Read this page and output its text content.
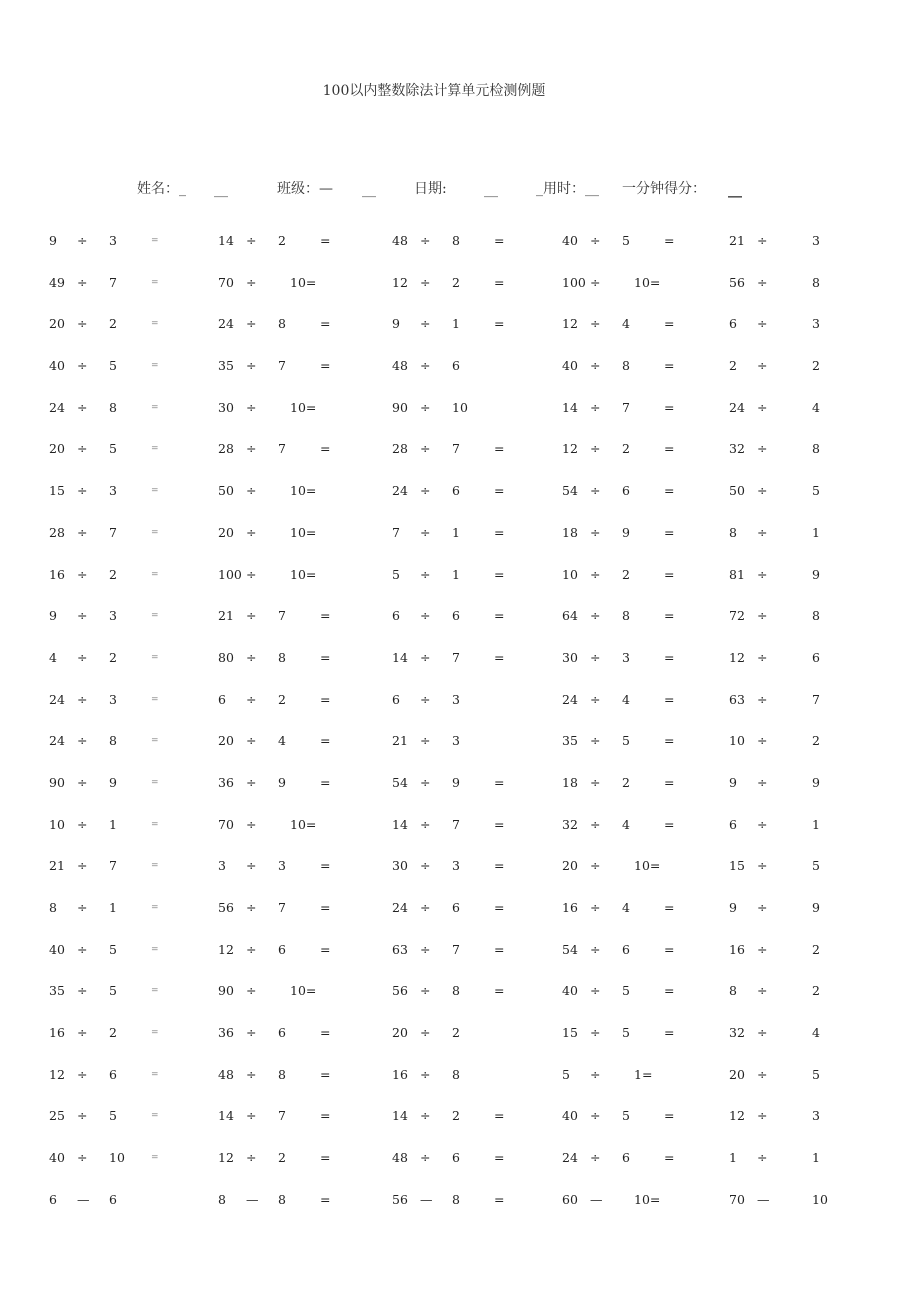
100以内整数除法计算单元检测例题
姓名：_ __	班级：— __	日期:	__	_用时：__ 一分钟得分： __
9 ÷ 3	=	14 ÷ 2	=	48 ÷ 8	=	40 ÷ 5	=	21 ÷	3
49 ÷ 7	=	70 ÷	10=	12 ÷ 2	=	100 ÷	10=	56 ÷	8
20 ÷ 2	=	24 ÷ 8	=	9 ÷ 1	=	12 ÷ 4	=	6 ÷	3
40 ÷ 5	=	35 ÷ 7	=	48 ÷ 6	40 ÷ 8	=	2 ÷	2
24 ÷ 8	=	30 ÷	10=	90 ÷ 10	14 ÷ 7	=	24 ÷	4
20 ÷ 5	=	28 ÷ 7	=	28 ÷ 7	=	12 ÷ 2	=	32 ÷	8
15 ÷ 3	=	50 ÷	10=	24 ÷ 6	=	54 ÷ 6	=	50 ÷	5
28 ÷ 7	=	20 ÷	10=	7 ÷ 1	=	18 ÷ 9	=	8 ÷	1
16 ÷ 2	=	100 ÷	10=	5 ÷ 1	=	10 ÷ 2	=	81 ÷	9
9 ÷ 3	=	21 ÷ 7	=	6 ÷ 6	=	64 ÷ 8	=	72 ÷	8
4 ÷ 2	=	80 ÷ 8	=	14 ÷ 7	=	30 ÷ 3	=	12 ÷	6
24 ÷ 3	=	6 ÷ 2	=	6 ÷ 3	24 ÷ 4	=	63 ÷	7
24 ÷ 8	=	20 ÷ 4	=	21 ÷ 3	35 ÷ 5	=	10 ÷	2
90 ÷ 9	=	36 ÷ 9	=	54 ÷ 9	=	18 ÷ 2	=	9 ÷	9
10 ÷ 1	=	70 ÷	10=	14 ÷ 7	=	32 ÷ 4	=	6 ÷	1
21 ÷ 7	=	3 ÷ 3	=	30 ÷ 3	=	20 ÷	10=	15 ÷	5
8 ÷ 1	=	56 ÷ 7	=	24 ÷ 6	=	16 ÷ 4	=	9 ÷	9
40 ÷ 5	=	12 ÷ 6	=	63 ÷ 7	=	54 ÷ 6	=	16 ÷	2
35 ÷ 5	=	90 ÷	10=	56 ÷ 8	=	40 ÷ 5	=	8 ÷	2
16 ÷ 2	=	36 ÷ 6	=	20 ÷ 2	15 ÷ 5	=	32 ÷	4
12 ÷ 6	=	48 ÷ 8	=	16 ÷ 8	5 ÷	1=	20 ÷	5
25 ÷ 5	=	14 ÷ 7	=	14 ÷ 2	=	40 ÷ 5	=	12 ÷	3
40 ÷ 10	=	12 ÷ 2	=	48 ÷ 6	=	24 ÷ 6	=	1 ÷	1
6 — 6	8 — 8	=	56 — 8	=	60 —	10=	70 —	10
